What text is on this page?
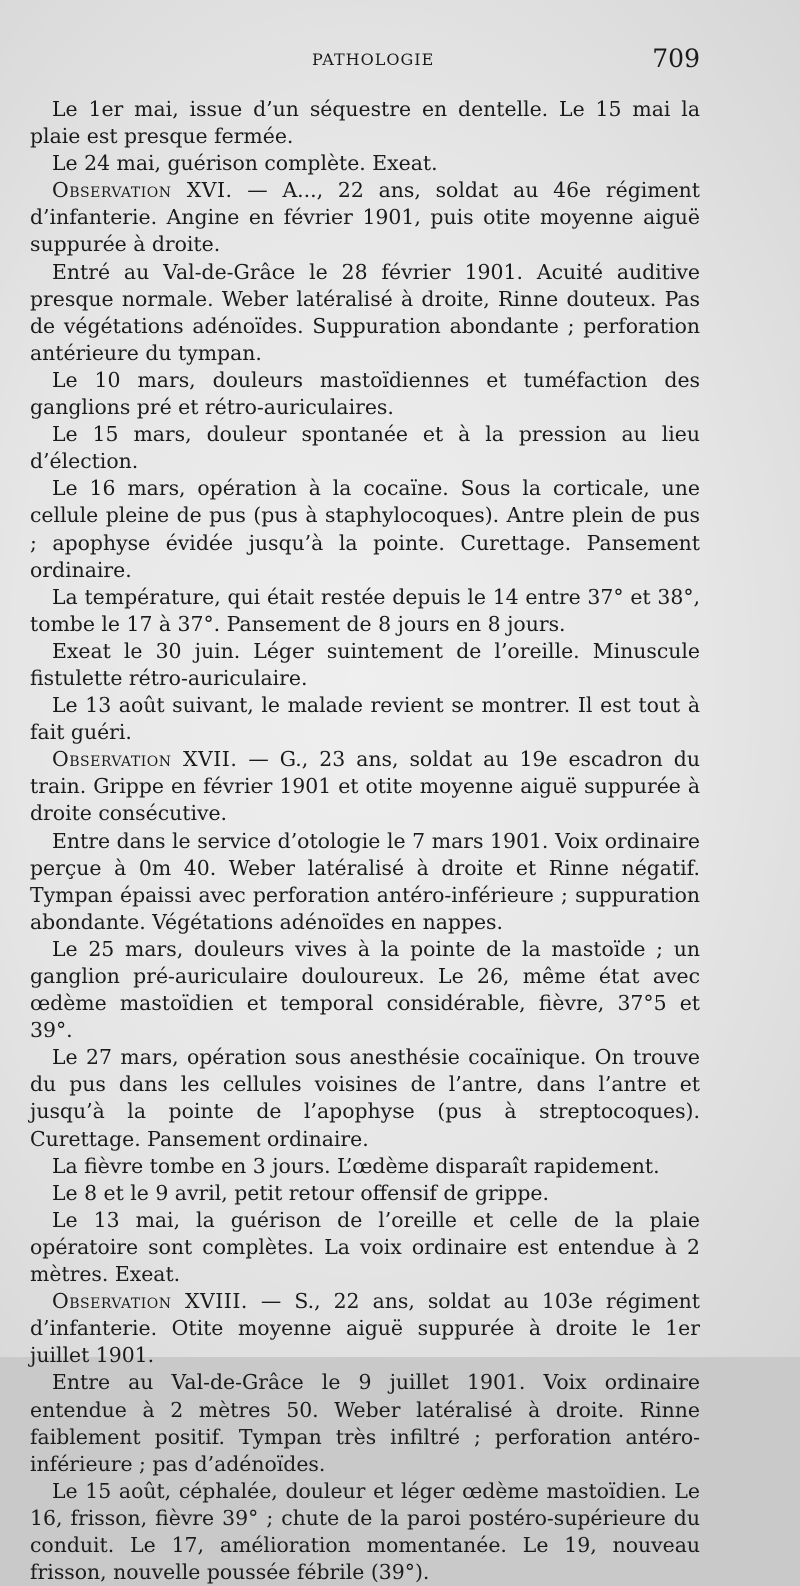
PATHOLOGIE	709

Le 1er mai, issue d’un séquestre en dentelle. Le 15 mai la plaie est presque fermée.

Le 24 mai, guérison complète. Exeat.

Observation XVI. — A..., 22 ans, soldat au 46e régiment d’infanterie. Angine en février 1901, puis otite moyenne aiguë suppurée à droite.

Entré au Val-de-Grâce le 28 février 1901. Acuité auditive presque normale. Weber latéralisé à droite, Rinne douteux. Pas de végétations adénoïdes. Suppuration abondante ; perforation antérieure du tympan.

Le 10 mars, douleurs mastoïdiennes et tuméfaction des ganglions pré et rétro-auriculaires.

Le 15 mars, douleur spontanée et à la pression au lieu d’élection.

Le 16 mars, opération à la cocaïne. Sous la corticale, une cellule pleine de pus (pus à staphylocoques). Antre plein de pus ; apophyse évidée jusqu’à la pointe. Curettage. Pansement ordinaire.

La température, qui était restée depuis le 14 entre 37° et 38°, tombe le 17 à 37°. Pansement de 8 jours en 8 jours.

Exeat le 30 juin. Léger suintement de l’oreille. Minuscule fistulette rétro-auriculaire.

Le 13 août suivant, le malade revient se montrer. Il est tout à fait guéri.

Observation XVII. — G., 23 ans, soldat au 19e escadron du train. Grippe en février 1901 et otite moyenne aiguë suppurée à droite consécutive.

Entre dans le service d’otologie le 7 mars 1901. Voix ordinaire perçue à 0m 40. Weber latéralisé à droite et Rinne négatif. Tympan épaissi avec perforation antéro-inférieure ; suppuration abondante. Végétations adénoïdes en nappes.

Le 25 mars, douleurs vives à la pointe de la mastoïde ; un ganglion pré-auriculaire douloureux. Le 26, même état avec œdème mastoïdien et temporal considérable, fièvre, 37°5 et 39°.

Le 27 mars, opération sous anesthésie cocaïnique. On trouve du pus dans les cellules voisines de l’antre, dans l’antre et jusqu’à la pointe de l’apophyse (pus à streptocoques). Curettage. Pansement ordinaire.

La fièvre tombe en 3 jours. L’œdème disparaît rapidement.

Le 8 et le 9 avril, petit retour offensif de grippe.

Le 13 mai, la guérison de l’oreille et celle de la plaie opératoire sont complètes. La voix ordinaire est entendue à 2 mètres. Exeat.

Observation XVIII. — S., 22 ans, soldat au 103e régiment d’infanterie. Otite moyenne aiguë suppurée à droite le 1er juillet 1901.

Entre au Val-de-Grâce le 9 juillet 1901. Voix ordinaire entendue à 2 mètres 50. Weber latéralisé à droite. Rinne faiblement positif. Tympan très infiltré ; perforation antéro-inférieure ; pas d’adénoïdes.

Le 15 août, céphalée, douleur et léger œdème mastoïdien. Le 16, frisson, fièvre 39° ; chute de la paroi postéro-supérieure du conduit. Le 17, amélioration momentanée. Le 19, nouveau frisson, nouvelle poussée fébrile (39°).
